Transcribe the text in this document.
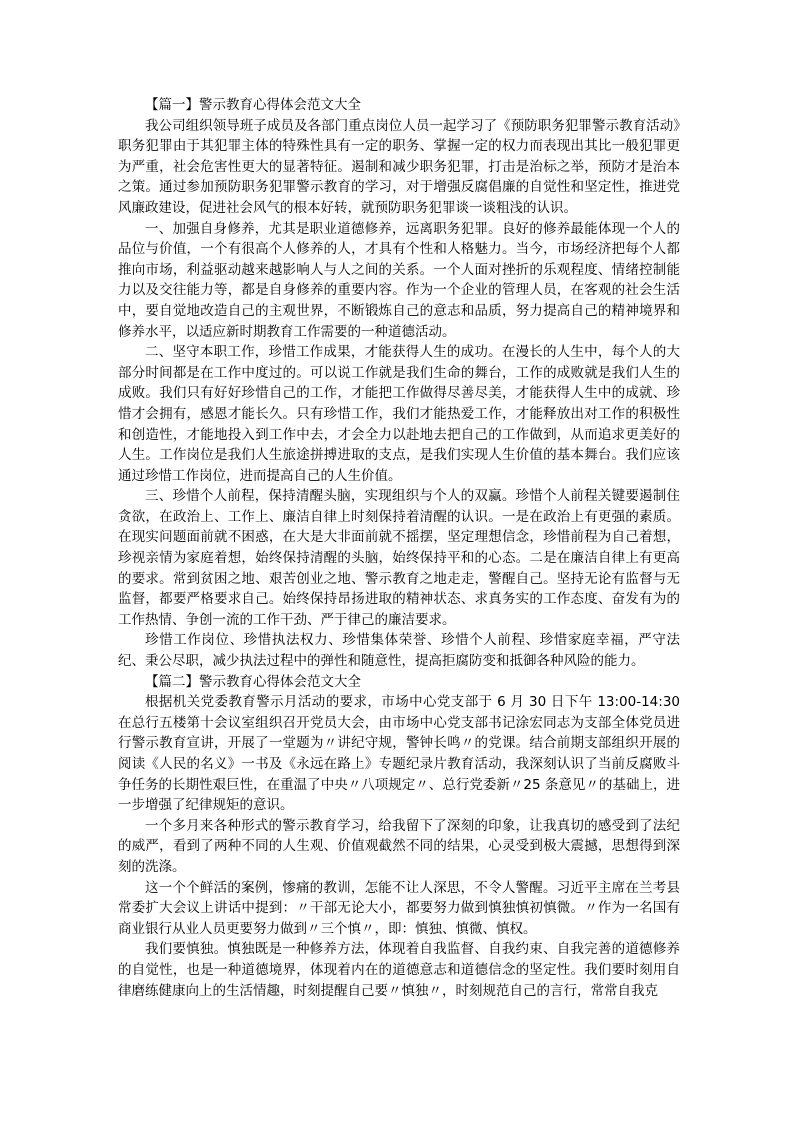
【篇一】警示教育心得体会范文大全

我公司组织领导班子成员及各部门重点岗位人员一起学习了《预防职务犯罪警示教育活动》职务犯罪由于其犯罪主体的特殊性具有一定的职务、掌握一定的权力而表现出其比一般犯罪更为严重，社会危害性更大的显著特征。遏制和减少职务犯罪，打击是治标之举，预防才是治本之策。通过参加预防职务犯罪警示教育的学习，对于增强反腐倡廉的自觉性和坚定性，推进党风廉政建设，促进社会风气的根本好转，就预防职务犯罪谈一谈粗浅的认识。

一、加强自身修养，尤其是职业道德修养，远离职务犯罪。良好的修养最能体现一个人的品位与价值，一个有很高个人修养的人，才具有个性和人格魅力。当今，市场经济把每个人都推向市场，利益驱动越来越影响人与人之间的关系。一个人面对挫折的乐观程度、情绪控制能力以及交往能力等，都是自身修养的重要内容。作为一个企业的管理人员，在客观的社会生活中，要自觉地改造自己的主观世界，不断锻炼自己的意志和品质，努力提高自己的精神境界和修养水平，以适应新时期教育工作需要的一种道德活动。

二、坚守本职工作，珍惜工作成果，才能获得人生的成功。在漫长的人生中，每个人的大部分时间都是在工作中度过的。可以说工作就是我们生命的舞台，工作的成败就是我们人生的成败。我们只有好好珍惜自己的工作，才能把工作做得尽善尽美，才能获得人生中的成就、珍惜才会拥有，感恩才能长久。只有珍惜工作，我们才能热爱工作，才能释放出对工作的积极性和创造性，才能地投入到工作中去，才会全力以赴地去把自己的工作做到，从而追求更美好的人生。工作岗位是我们人生旅途拼搏进取的支点，是我们实现人生价值的基本舞台。我们应该通过珍惜工作岗位，进而提高自己的人生价值。

三、珍惜个人前程，保持清醒头脑，实现组织与个人的双赢。珍惜个人前程关键要遏制住贪欲，在政治上、工作上、廉洁自律上时刻保持着清醒的认识。一是在政治上有更强的素质。在现实问题面前就不困惑，在大是大非面前就不摇摆，坚定理想信念，珍惜前程为自己着想，珍视亲情为家庭着想，始终保持清醒的头脑，始终保持平和的心态。二是在廉洁自律上有更高的要求。常到贫困之地、艰苦创业之地、警示教育之地走走，警醒自己。坚持无论有监督与无监督，都要严格要求自己。始终保持昂扬进取的精神状态、求真务实的工作态度、奋发有为的工作热情、争创一流的工作干劲、严于律己的廉洁要求。

珍惜工作岗位、珍惜执法权力、珍惜集体荣誉、珍惜个人前程、珍惜家庭幸福，严守法纪、秉公尽职，减少执法过程中的弹性和随意性，提高拒腐防变和抵御各种风险的能力。

【篇二】警示教育心得体会范文大全

根据机关党委教育警示月活动的要求，市场中心党支部于 6 月 30 日下午 13:00-14:30 在总行五楼第十会议室组织召开党员大会，由市场中心党支部书记涂宏同志为支部全体党员进行警示教育宣讲，开展了一堂题为〃讲纪守规，警钟长鸣〃的党课。结合前期支部组织开展的阅读《人民的名义》一书及《永远在路上》专题纪录片教育活动，我深刻认识了当前反腐败斗争任务的长期性艰巨性，在重温了中央〃八项规定〃、总行党委新〃25 条意见〃的基础上，进一步增强了纪律规矩的意识。

一个多月来各种形式的警示教育学习，给我留下了深刻的印象，让我真切的感受到了法纪的威严，看到了两种不同的人生观、价值观截然不同的结果，心灵受到极大震撼，思想得到深刻的洗涤。

这一个个鲜活的案例，惨痛的教训，怎能不让人深思，不令人警醒。习近平主席在兰考县常委扩大会议上讲话中提到：〃干部无论大小，都要努力做到慎独慎初慎微。〃作为一名国有商业银行从业人员更要努力做到〃三个慎〃，即：慎独、慎微、慎权。

我们要慎独。慎独既是一种修养方法，体现着自我监督、自我约束、自我完善的道德修养的自觉性，也是一种道德境界，体现着内在的道德意志和道德信念的坚定性。我们要时刻用自律磨练健康向上的生活情趣，时刻提醒自己要〃慎独〃，时刻规范自己的言行，常常自我克
